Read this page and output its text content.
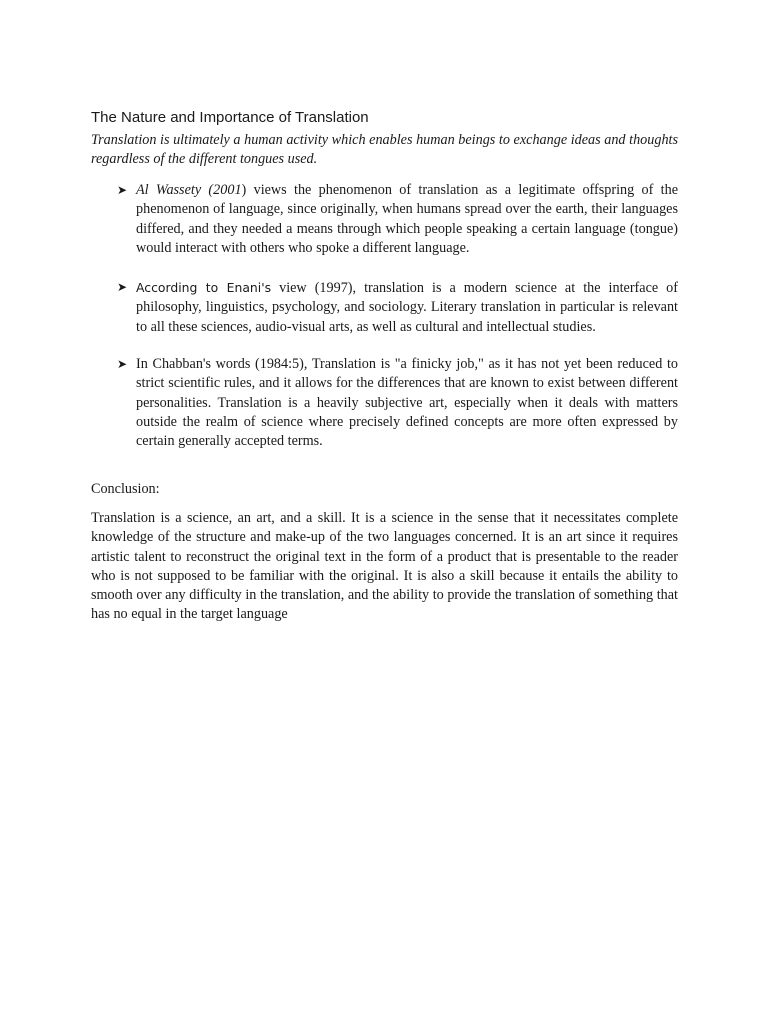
The Nature and Importance of Translation
Translation is ultimately a human activity which enables human beings to exchange ideas and thoughts regardless of the different tongues used.
➤ Al Wassety (2001) views the phenomenon of translation as a legitimate offspring of the phenomenon of language, since originally, when humans spread over the earth, their languages differed, and they needed a means through which people speaking a certain language (tongue) would interact with others who spoke a different language.
➤ According to Enani's view (1997), translation is a modern science at the interface of philosophy, linguistics, psychology, and sociology. Literary translation in particular is relevant to all these sciences, audio-visual arts, as well as cultural and intellectual studies.
➤ In Chabban's words (1984:5), Translation is "a finicky job," as it has not yet been reduced to strict scientific rules, and it allows for the differences that are known to exist between different personalities. Translation is a heavily subjective art, especially when it deals with matters outside the realm of science where precisely defined concepts are more often expressed by certain generally accepted terms.
Conclusion:
Translation is a science, an art, and a skill. It is a science in the sense that it necessitates complete knowledge of the structure and make-up of the two languages concerned. It is an art since it requires artistic talent to reconstruct the original text in the form of a product that is presentable to the reader who is not supposed to be familiar with the original. It is also a skill because it entails the ability to smooth over any difficulty in the translation, and the ability to provide the translation of something that has no equal in the target language
